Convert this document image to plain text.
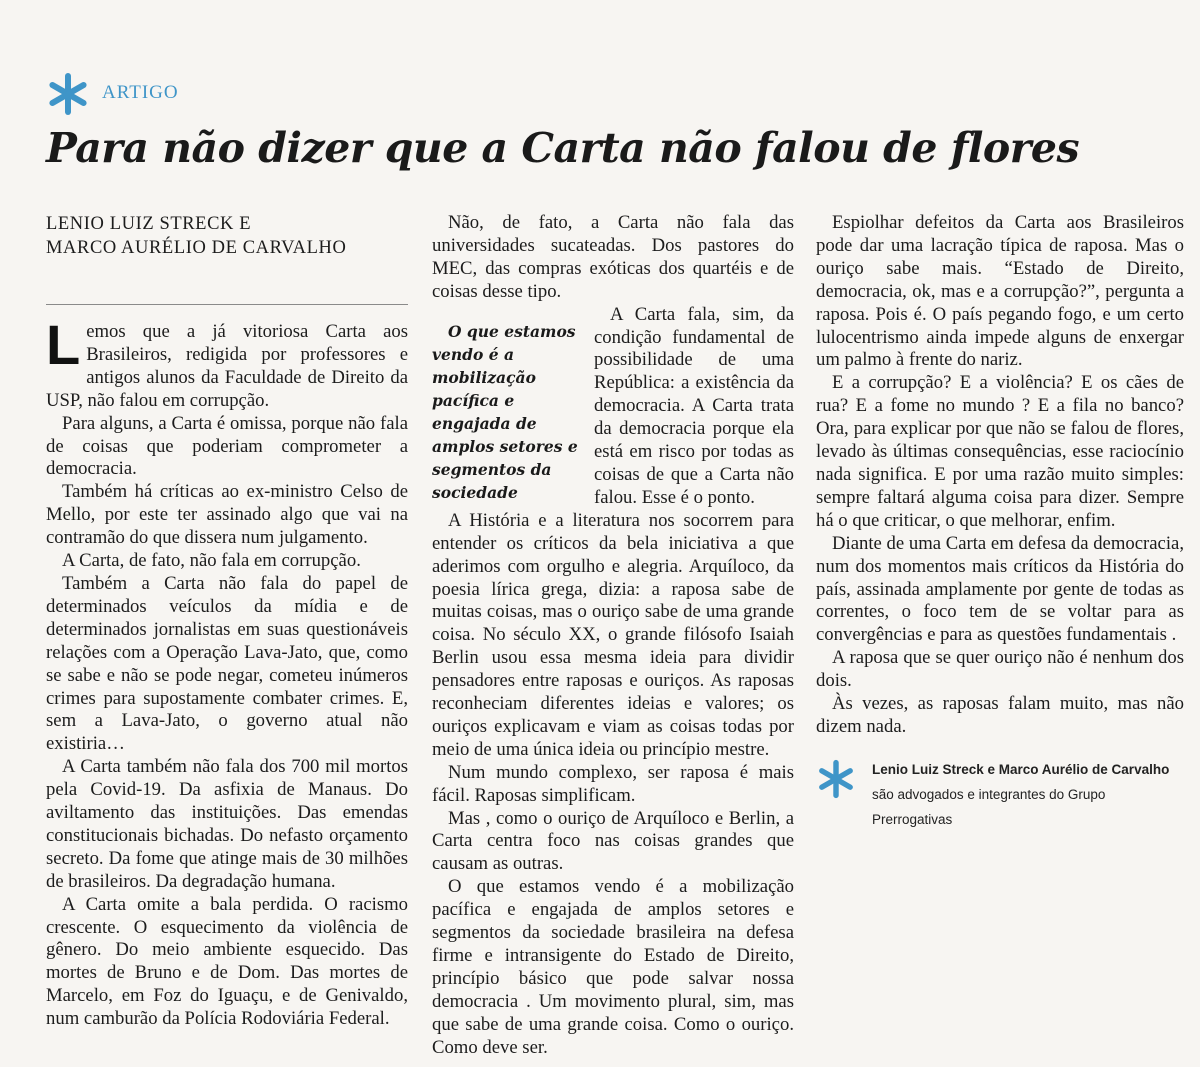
ARTIGO
Para não dizer que a Carta não falou de flores

LENIO LUIZ STRECK E

MARCO AURÉLIO DE CARVALHO

Lemos que a já vitoriosa Carta aos Brasileiros, redigida por professores e antigos alunos da Faculdade de Direito da USP, não falou em corrupção.

Para alguns, a Carta é omissa, porque não fala de coisas que poderiam comprometer a democracia.

Também há críticas ao ex-ministro Celso de Mello, por este ter assinado algo que vai na contramão do que dissera num julgamento.

A Carta, de fato, não fala em corrupção.

Também a Carta não fala do papel de determinados veículos da mídia e de determinados jornalistas em suas questionáveis relações com a Operação Lava-Jato, que, como se sabe e não se pode negar, cometeu inúmeros crimes para supostamente combater crimes. E, sem a Lava-Jato, o governo atual não existiria…

A Carta também não fala dos 700 mil mortos pela Covid-19. Da asfixia de Manaus. Do aviltamento das instituições. Das emendas constitucionais bichadas. Do nefasto orçamento secreto. Da fome que atinge mais de 30 milhões de brasileiros. Da degradação humana.

A Carta omite a bala perdida. O racismo crescente. O esquecimento da violência de gênero. Do meio ambiente esquecido. Das mortes de Bruno e de Dom. Das mortes de Marcelo, em Foz do Iguaçu, e de Genivaldo, num camburão da Polícia Rodoviária Federal.

Não, de fato, a Carta não fala das universidades sucateadas. Dos pastores do MEC, das compras exóticas dos quartéis e de coisas desse tipo.

O que estamos vendo é a mobilização pacífica e engajada de amplos setores e segmentos da sociedade
A Carta fala, sim, da condição fundamental de possibilidade de uma República: a existência da democracia. A Carta trata da democracia porque ela está em risco por todas as coisas de que a Carta não falou. Esse é o ponto.

A História e a literatura nos socorrem para entender os críticos da bela iniciativa a que aderimos com orgulho e alegria. Arquíloco, da poesia lírica grega, dizia: a raposa sabe de muitas coisas, mas o ouriço sabe de uma grande coisa. No século XX, o grande filósofo Isaiah Berlin usou essa mesma ideia para dividir pensadores entre raposas e ouriços. As raposas reconheciam diferentes ideias e valores; os ouriços explicavam e viam as coisas todas por meio de uma única ideia ou princípio mestre.

Num mundo complexo, ser raposa é mais fácil. Raposas simplificam.

Mas , como o ouriço de Arquíloco e Berlin, a Carta centra foco nas coisas grandes que causam as outras.

O que estamos vendo é a mobilização pacífica e engajada de amplos setores e segmentos da sociedade brasileira na defesa firme e intransigente do Estado de Direito, princípio básico que pode salvar nossa democracia . Um movimento plural, sim, mas que sabe de uma grande coisa. Como o ouriço. Como deve ser.

Espiolhar defeitos da Carta aos Brasileiros pode dar uma lacração típica de raposa. Mas o ouriço sabe mais. “Estado de Direito, democracia, ok, mas e a corrupção?”, pergunta a raposa. Pois é. O país pegando fogo, e um certo lulocentrismo ainda impede alguns de enxergar um palmo à frente do nariz.

E a corrupção? E a violência? E os cães de rua? E a fome no mundo ? E a fila no banco? Ora, para explicar por que não se falou de flores, levado às últimas consequências, esse raciocínio nada significa. E por uma razão muito simples: sempre faltará alguma coisa para dizer. Sempre há o que criticar, o que melhorar, enfim.

Diante de uma Carta em defesa da democracia, num dos momentos mais críticos da História do país, assinada amplamente por gente de todas as correntes, o foco tem de se voltar para as convergências e para as questões fundamentais .

A raposa que se quer ouriço não é nenhum dos dois.

Às vezes, as raposas falam muito, mas não dizem nada.

Lenio Luiz Streck e Marco Aurélio de Carvalho
são advogados e integrantes do Grupo Prerrogativas
